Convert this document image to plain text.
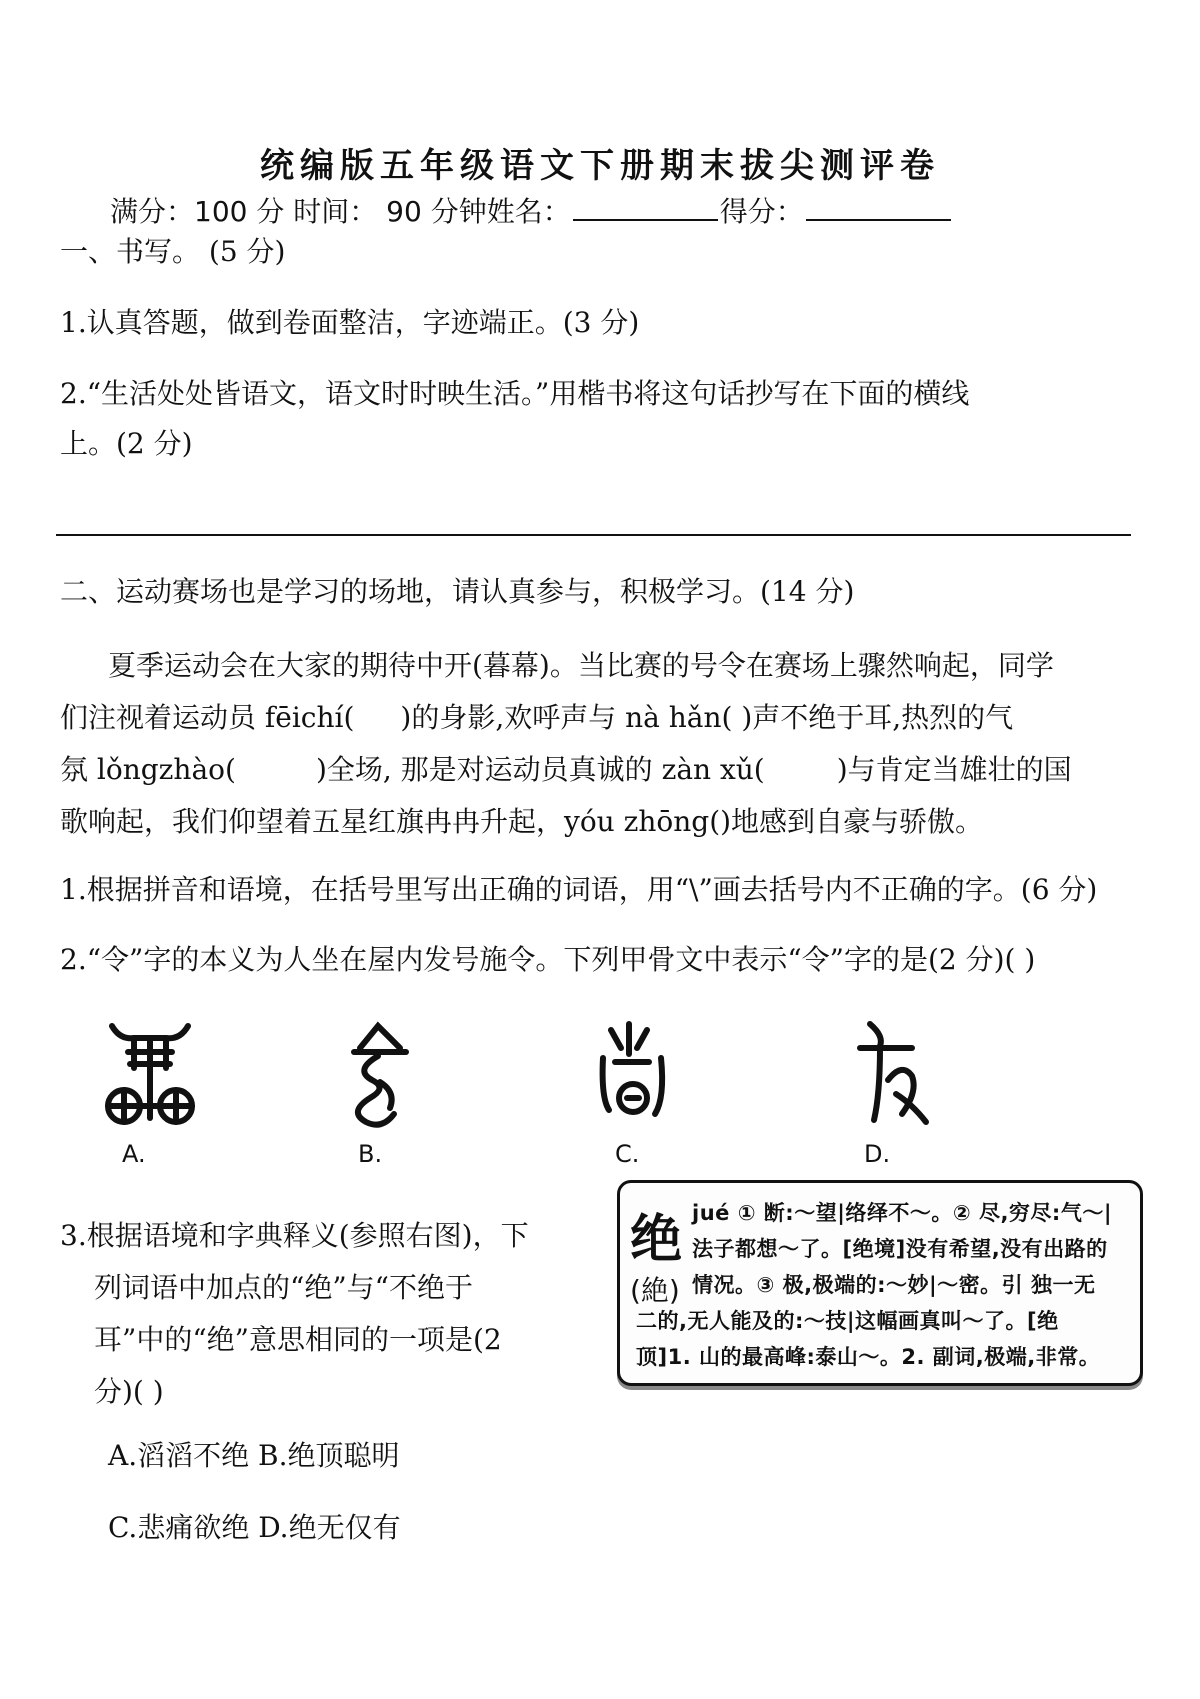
统编版五年级语文下册期末拔尖测评卷
满分：100 分 时间： 90 分钟姓名：	得分：
一、书写。 (5 分)
1.认真答题，做到卷面整洁，字迹端正。(3 分)
2.“生活处处皆语文，语文时时映生活。”用楷书将这句话抄写在下面的横线
上。(2 分)
二、运动赛场也是学习的场地，请认真参与，积极学习。(14 分)
夏季运动会在大家的期待中开(暮幕)。当比赛的号令在赛场上骤然响起，同学
们注视着运动员 fēichí( )的身影,欢呼声与 nà hǎn( )声不绝于耳,热烈的气
氛 lǒngzhào(	)全场, 那是对运动员真诚的 zàn xǔ(	)与肯定当雄壮的国
歌响起，我们仰望着五星红旗冉冉升起，yóu zhōng()地感到自豪与骄傲。
1.根据拼音和语境，在括号里写出正确的词语，用“\”画去括号内不正确的字。(6 分)
2.“令”字的本义为人坐在屋内发号施令。下列甲骨文中表示“令”字的是(2 分)( )
A.	B.	C.	D.
3.根据语境和字典释义(参照右图)，下
列词语中加点的“绝”与“不绝于
耳”中的“绝”意思相同的一项是(2
分)( )
绝
(絶)
jué ① 断:～望|络绎不～。② 尽,穷尽:气～|
法子都想～了。[绝境]没有希望,没有出路的
情况。③ 极,极端的:～妙|～密。引 独一无
二的,无人能及的:～技|这幅画真叫～了。[绝
顶]1. 山的最高峰:泰山～。2. 副词,极端,非常。
A.滔滔不绝 B.绝顶聪明
C.悲痛欲绝 D.绝无仅有
